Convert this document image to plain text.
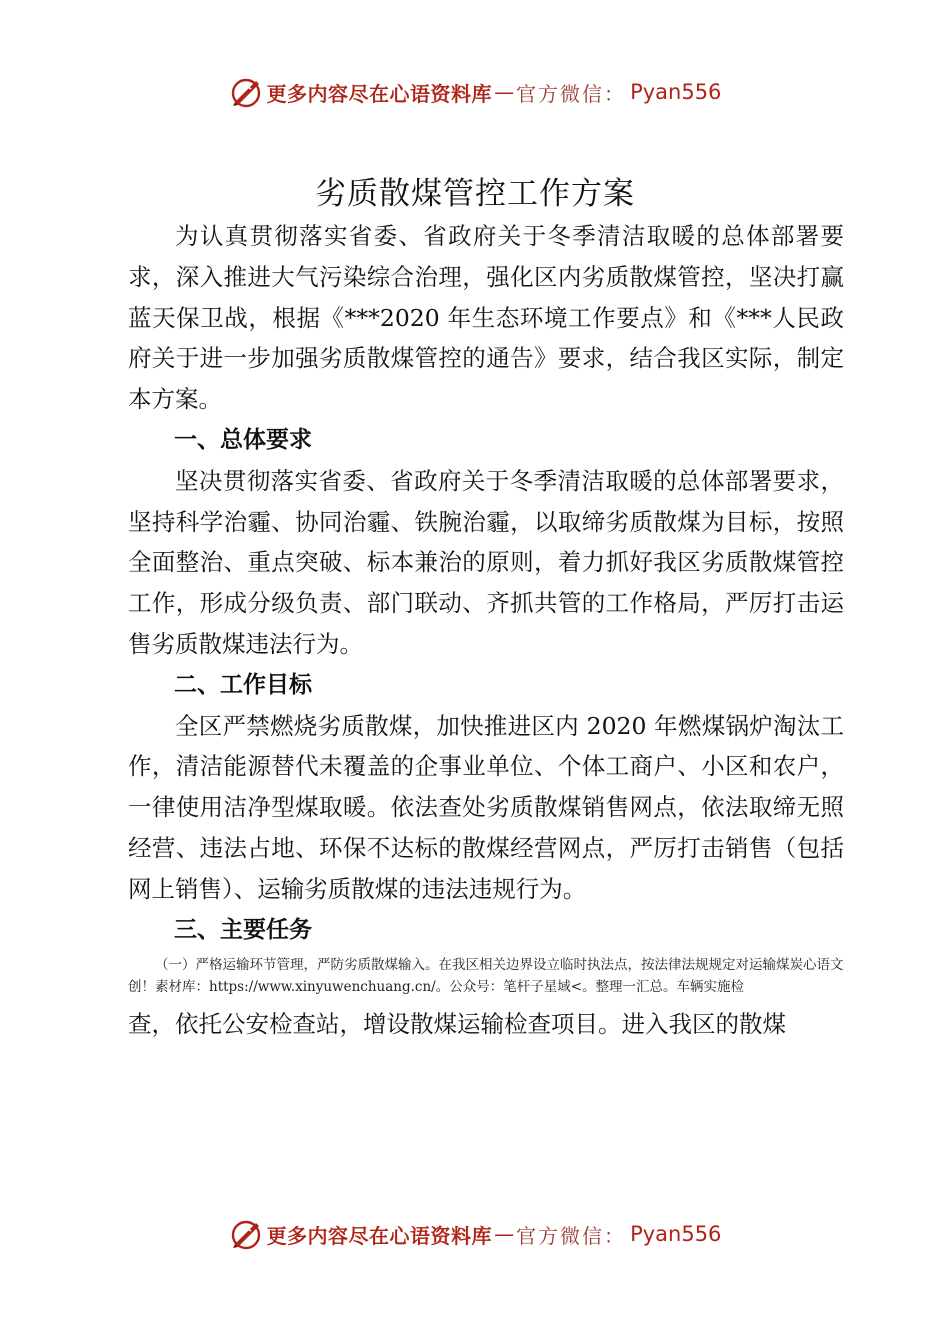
更多内容尽在心语资料库 — 官方微信： Pyan556
劣质散煤管控工作方案

为认真贯彻落实省委、省政府关于冬季清洁取暖的总体部署要求，深入推进大气污染综合治理，强化区内劣质散煤管控，坚决打赢蓝天保卫战，根据《***2020 年生态环境工作要点》和《***人民政府关于进一步加强劣质散煤管控的通告》要求，结合我区实际，制定本方案。

一、总体要求

坚决贯彻落实省委、省政府关于冬季清洁取暖的总体部署要求，坚持科学治霾、协同治霾、铁腕治霾，以取缔劣质散煤为目标，按照全面整治、重点突破、标本兼治的原则，着力抓好我区劣质散煤管控工作，形成分级负责、部门联动、齐抓共管的工作格局，严厉打击运售劣质散煤违法行为。

二、工作目标

全区严禁燃烧劣质散煤，加快推进区内 2020 年燃煤锅炉淘汰工作，清洁能源替代未覆盖的企事业单位、个体工商户、小区和农户，一律使用洁净型煤取暖。依法查处劣质散煤销售网点，依法取缔无照经营、违法占地、环保不达标的散煤经营网点，严厉打击销售（包括网上销售）、运输劣质散煤的违法违规行为。

三、主要任务

（一）严格运输环节管理，严防劣质散煤输入。在我区相关边界设立临时执法点，按法律法规规定对运输煤炭心语文创！素材库：https://www.xinyuwenchuang.cn/。公众号：笔杆子星域<。整理一汇总。车辆实施检

查，依托公安检查站，增设散煤运输检查项目。进入我区的散煤

更多内容尽在心语资料库 — 官方微信： Pyan556
